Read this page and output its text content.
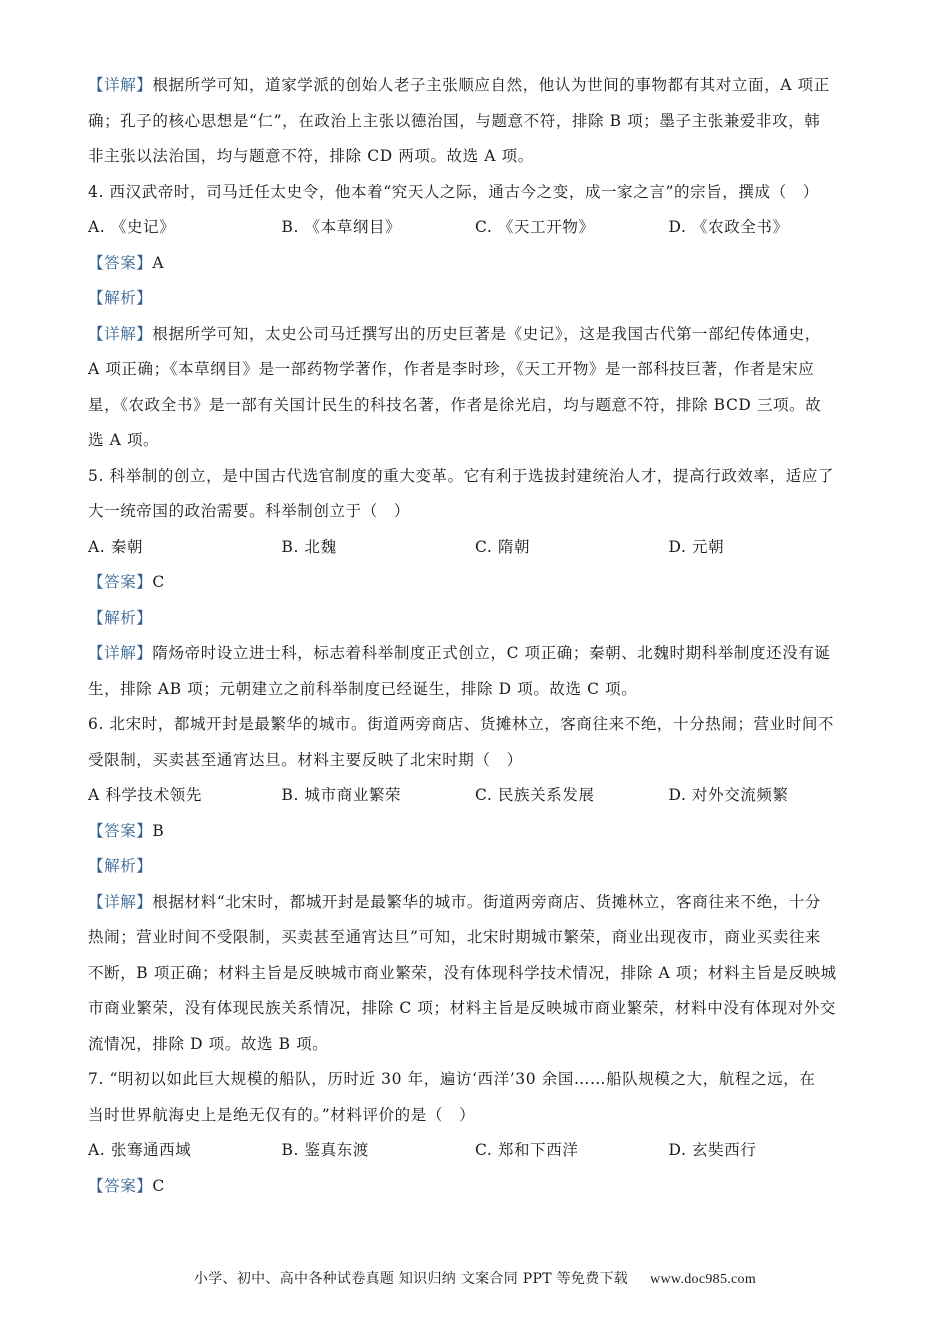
【详解】根据所学可知，道家学派的创始人老子主张顺应自然，他认为世间的事物都有其对立面，A 项正
确；孔子的核心思想是“仁”，在政治上主张以德治国，与题意不符，排除 B 项；墨子主张兼爱非攻，韩
非主张以法治国，均与题意不符，排除 CD 两项。故选 A 项。
4. 西汉武帝时，司马迁任太史令，他本着“究天人之际，通古今之变，成一家之言”的宗旨，撰成（　）
A. 《史记》	B. 《本草纲目》	C. 《天工开物》	D. 《农政全书》
【答案】A
【解析】
【详解】根据所学可知，太史公司马迁撰写出的历史巨著是《史记》，这是我国古代第一部纪传体通史，
A 项正确；《本草纲目》是一部药物学著作，作者是李时珍，《天工开物》是一部科技巨著，作者是宋应
星，《农政全书》是一部有关国计民生的科技名著，作者是徐光启，均与题意不符，排除 BCD 三项。故
选 A 项。
5. 科举制的创立，是中国古代选官制度的重大变革。它有利于选拔封建统治人才，提高行政效率，适应了
大一统帝国的政治需要。科举制创立于（　）
A. 秦朝	B. 北魏	C. 隋朝	D. 元朝
【答案】C
【解析】
【详解】隋炀帝时设立进士科，标志着科举制度正式创立，C 项正确；秦朝、北魏时期科举制度还没有诞
生，排除 AB 项；元朝建立之前科举制度已经诞生，排除 D 项。故选 C 项。
6. 北宋时，都城开封是最繁华的城市。街道两旁商店、货摊林立，客商往来不绝，十分热闹；营业时间不
受限制，买卖甚至通宵达旦。材料主要反映了北宋时期（　）
A 科学技术领先	B. 城市商业繁荣	C. 民族关系发展	D. 对外交流频繁
【答案】B
【解析】
【详解】根据材料“北宋时，都城开封是最繁华的城市。街道两旁商店、货摊林立，客商往来不绝，十分
热闹；营业时间不受限制，买卖甚至通宵达旦”可知，北宋时期城市繁荣，商业出现夜市，商业买卖往来
不断，B 项正确；材料主旨是反映城市商业繁荣，没有体现科学技术情况，排除 A 项；材料主旨是反映城
市商业繁荣，没有体现民族关系情况，排除 C 项；材料主旨是反映城市商业繁荣，材料中没有体现对外交
流情况，排除 D 项。故选 B 项。
7. “明初以如此巨大规模的船队，历时近 30 年，遍访‘西洋’30 余国……船队规模之大，航程之远，在
当时世界航海史上是绝无仅有的。”材料评价的是（　）
A. 张骞通西域	B. 鉴真东渡	C. 郑和下西洋	D. 玄奘西行
【答案】C
小学、初中、高中各种试卷真题 知识归纳 文案合同 PPT 等免费下载 www.doc985.com
